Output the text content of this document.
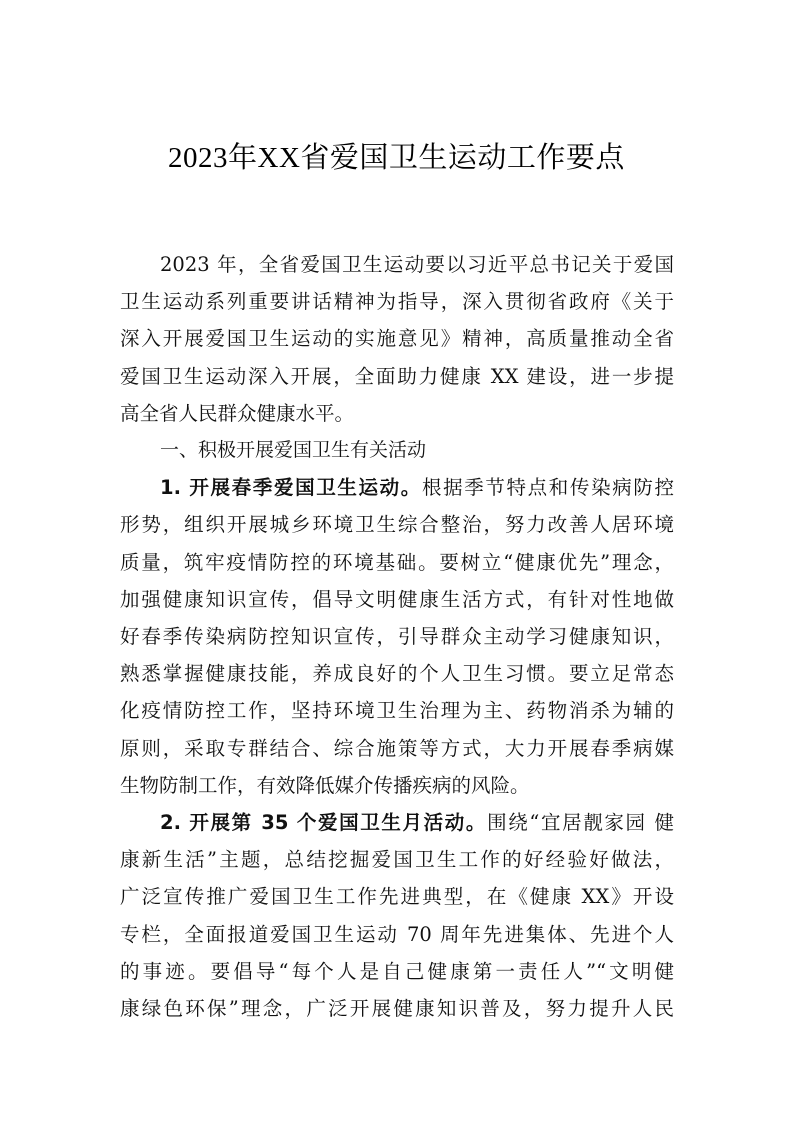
2023年XX省爱国卫生运动工作要点
2023 年，全省爱国卫生运动要以习近平总书记关于爱国
卫生运动系列重要讲话精神为指导，深入贯彻省政府《关于
深入开展爱国卫生运动的实施意见》精神，高质量推动全省
爱国卫生运动深入开展，全面助力健康 XX 建设，进一步提
高全省人民群众健康水平。
一、积极开展爱国卫生有关活动
1. 开展春季爱国卫生运动。根据季节特点和传染病防控
形势，组织开展城乡环境卫生综合整治，努力改善人居环境
质量，筑牢疫情防控的环境基础。要树立“健康优先”理念，
加强健康知识宣传，倡导文明健康生活方式，有针对性地做
好春季传染病防控知识宣传，引导群众主动学习健康知识，
熟悉掌握健康技能，养成良好的个人卫生习惯。要立足常态
化疫情防控工作，坚持环境卫生治理为主、药物消杀为辅的
原则，采取专群结合、综合施策等方式，大力开展春季病媒
生物防制工作，有效降低媒介传播疾病的风险。
2. 开展第 35 个爱国卫生月活动。围绕“宜居靓家园 健
康新生活”主题，总结挖掘爱国卫生工作的好经验好做法，
广泛宣传推广爱国卫生工作先进典型，在《健康 XX》开设
专栏，全面报道爱国卫生运动 70 周年先进集体、先进个人
的事迹。要倡导“每个人是自己健康第一责任人”“文明健
康绿色环保”理念，广泛开展健康知识普及，努力提升人民
